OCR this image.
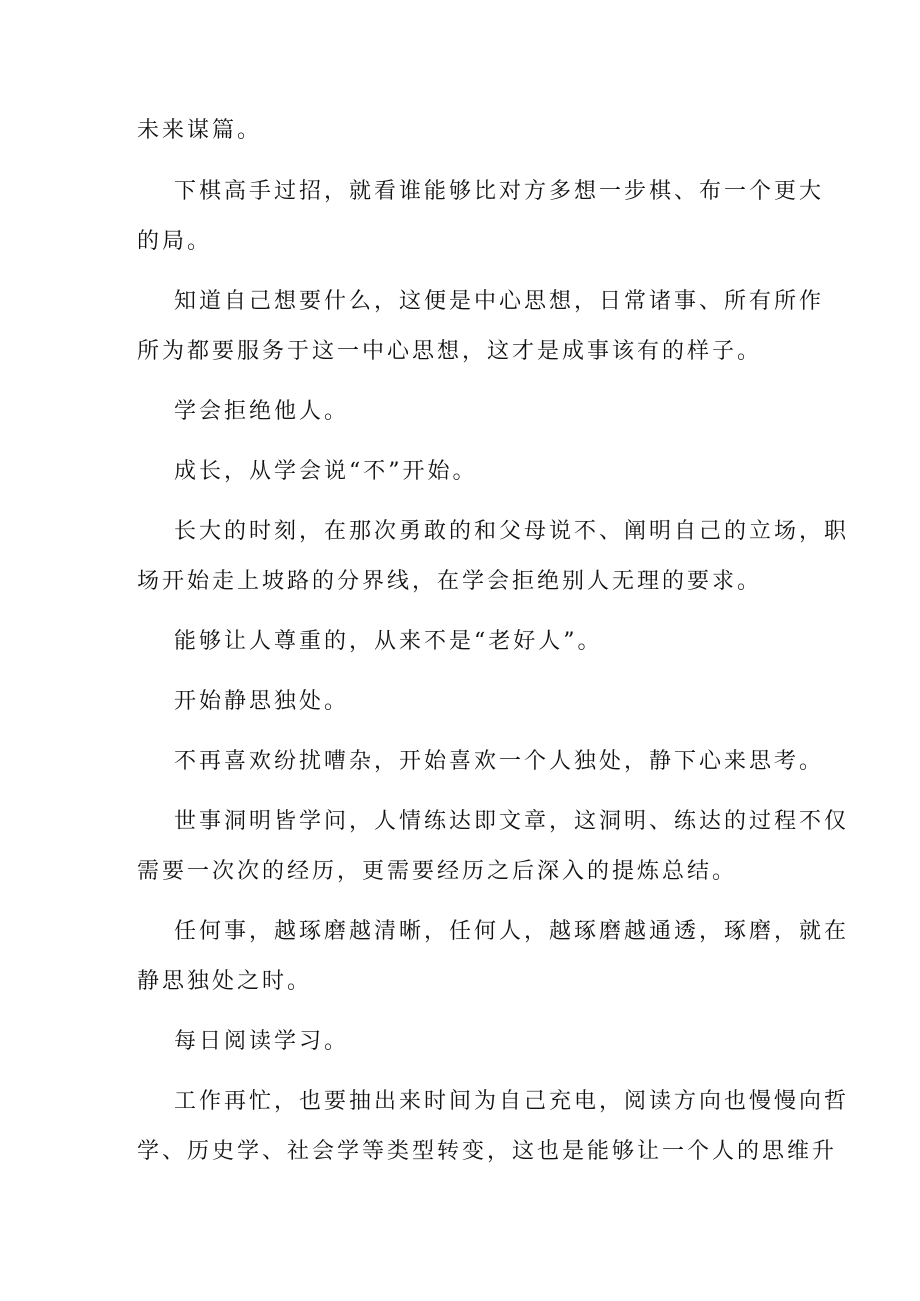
未来谋篇。
下棋高手过招，就看谁能够比对方多想一步棋、布一个更大
的局。
知道自己想要什么，这便是中心思想，日常诸事、所有所作
所为都要服务于这一中心思想，这才是成事该有的样子。
学会拒绝他人。
成长，从学会说“不”开始。
长大的时刻，在那次勇敢的和父母说不、阐明自己的立场，职
场开始走上坡路的分界线，在学会拒绝别人无理的要求。
能够让人尊重的，从来不是“老好人”。
开始静思独处。
不再喜欢纷扰嘈杂，开始喜欢一个人独处，静下心来思考。
世事洞明皆学问，人情练达即文章，这洞明、练达的过程不仅
需要一次次的经历，更需要经历之后深入的提炼总结。
任何事，越琢磨越清晰，任何人，越琢磨越通透，琢磨，就在
静思独处之时。
每日阅读学习。
工作再忙，也要抽出来时间为自己充电，阅读方向也慢慢向哲
学、历史学、社会学等类型转变，这也是能够让一个人的思维升
